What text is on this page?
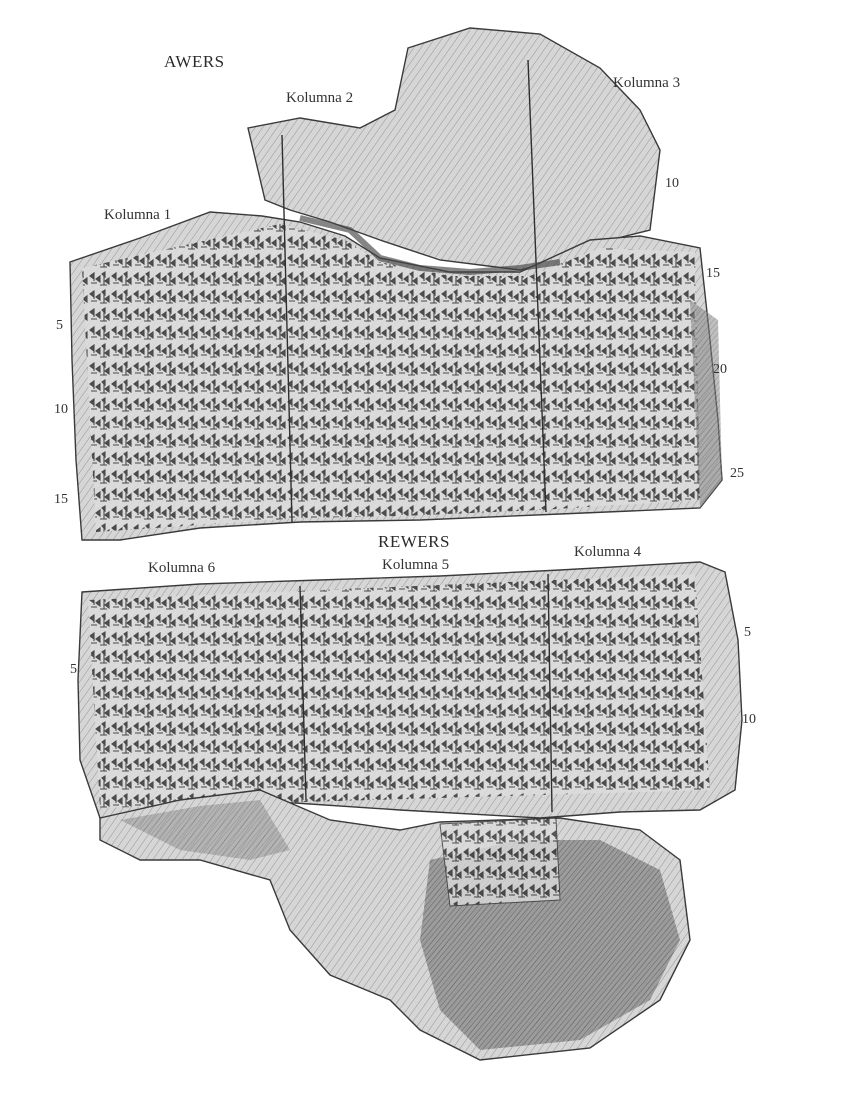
AWERS
Kolumna 1
Kolumna 2
Kolumna 3
5
10
15
10
15
20
25
REWERS
Kolumna 6	Kolumna 5
Kolumna 4
5
5
10
